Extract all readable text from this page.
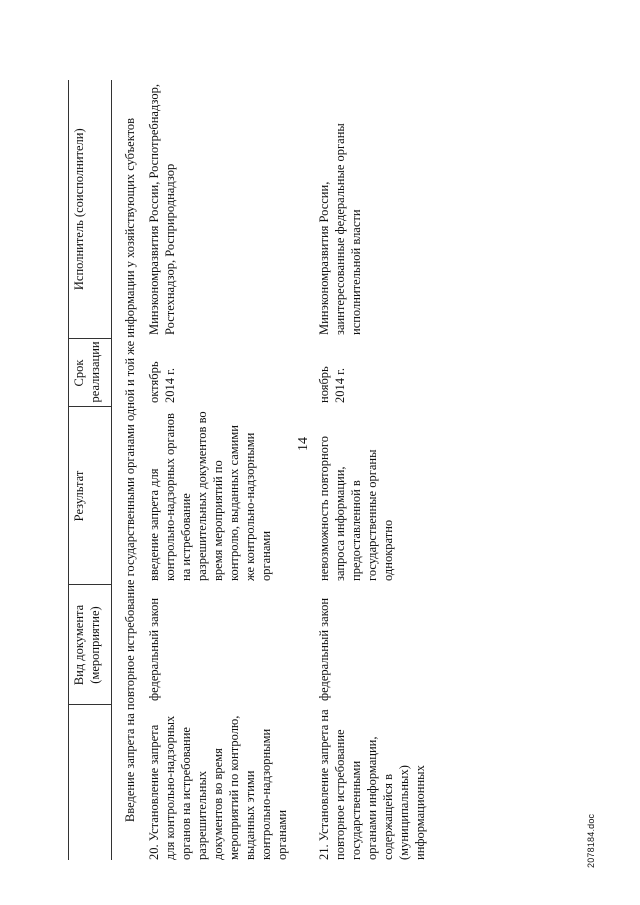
14
	Вид документа (мероприятие)	Результат	Срок реализации	Исполнитель (соисполнители)
Введение запрета на повторное истребование государственными органами одной и той же информации у хозяйствующих субъектов				
20. Установление запрета для контрольно-надзорных органов на истребование разрешительных документов во время мероприятий по контролю, выданных этими контрольно-надзорными органами	федеральный закон	введение запрета для контрольно-надзорных органов на истребование разрешительных документов во время мероприятий по контролю, выданных самими же контрольно-надзорными органами	октябрь 2014 г.	Минэкономразвития России, Роспотребнадзор, Ростехнадзор, Росприроднадзор
21. Установление запрета на повторное истребование государственными органами информации, содержащейся в (муниципальных) информационных	федеральный закон	невозможность повторного запроса информации, предоставленной в государственные органы однократно	ноябрь 2014 г.	Минэкономразвития России, заинтересованные федеральные органы исполнительной власти
2078184.doc
